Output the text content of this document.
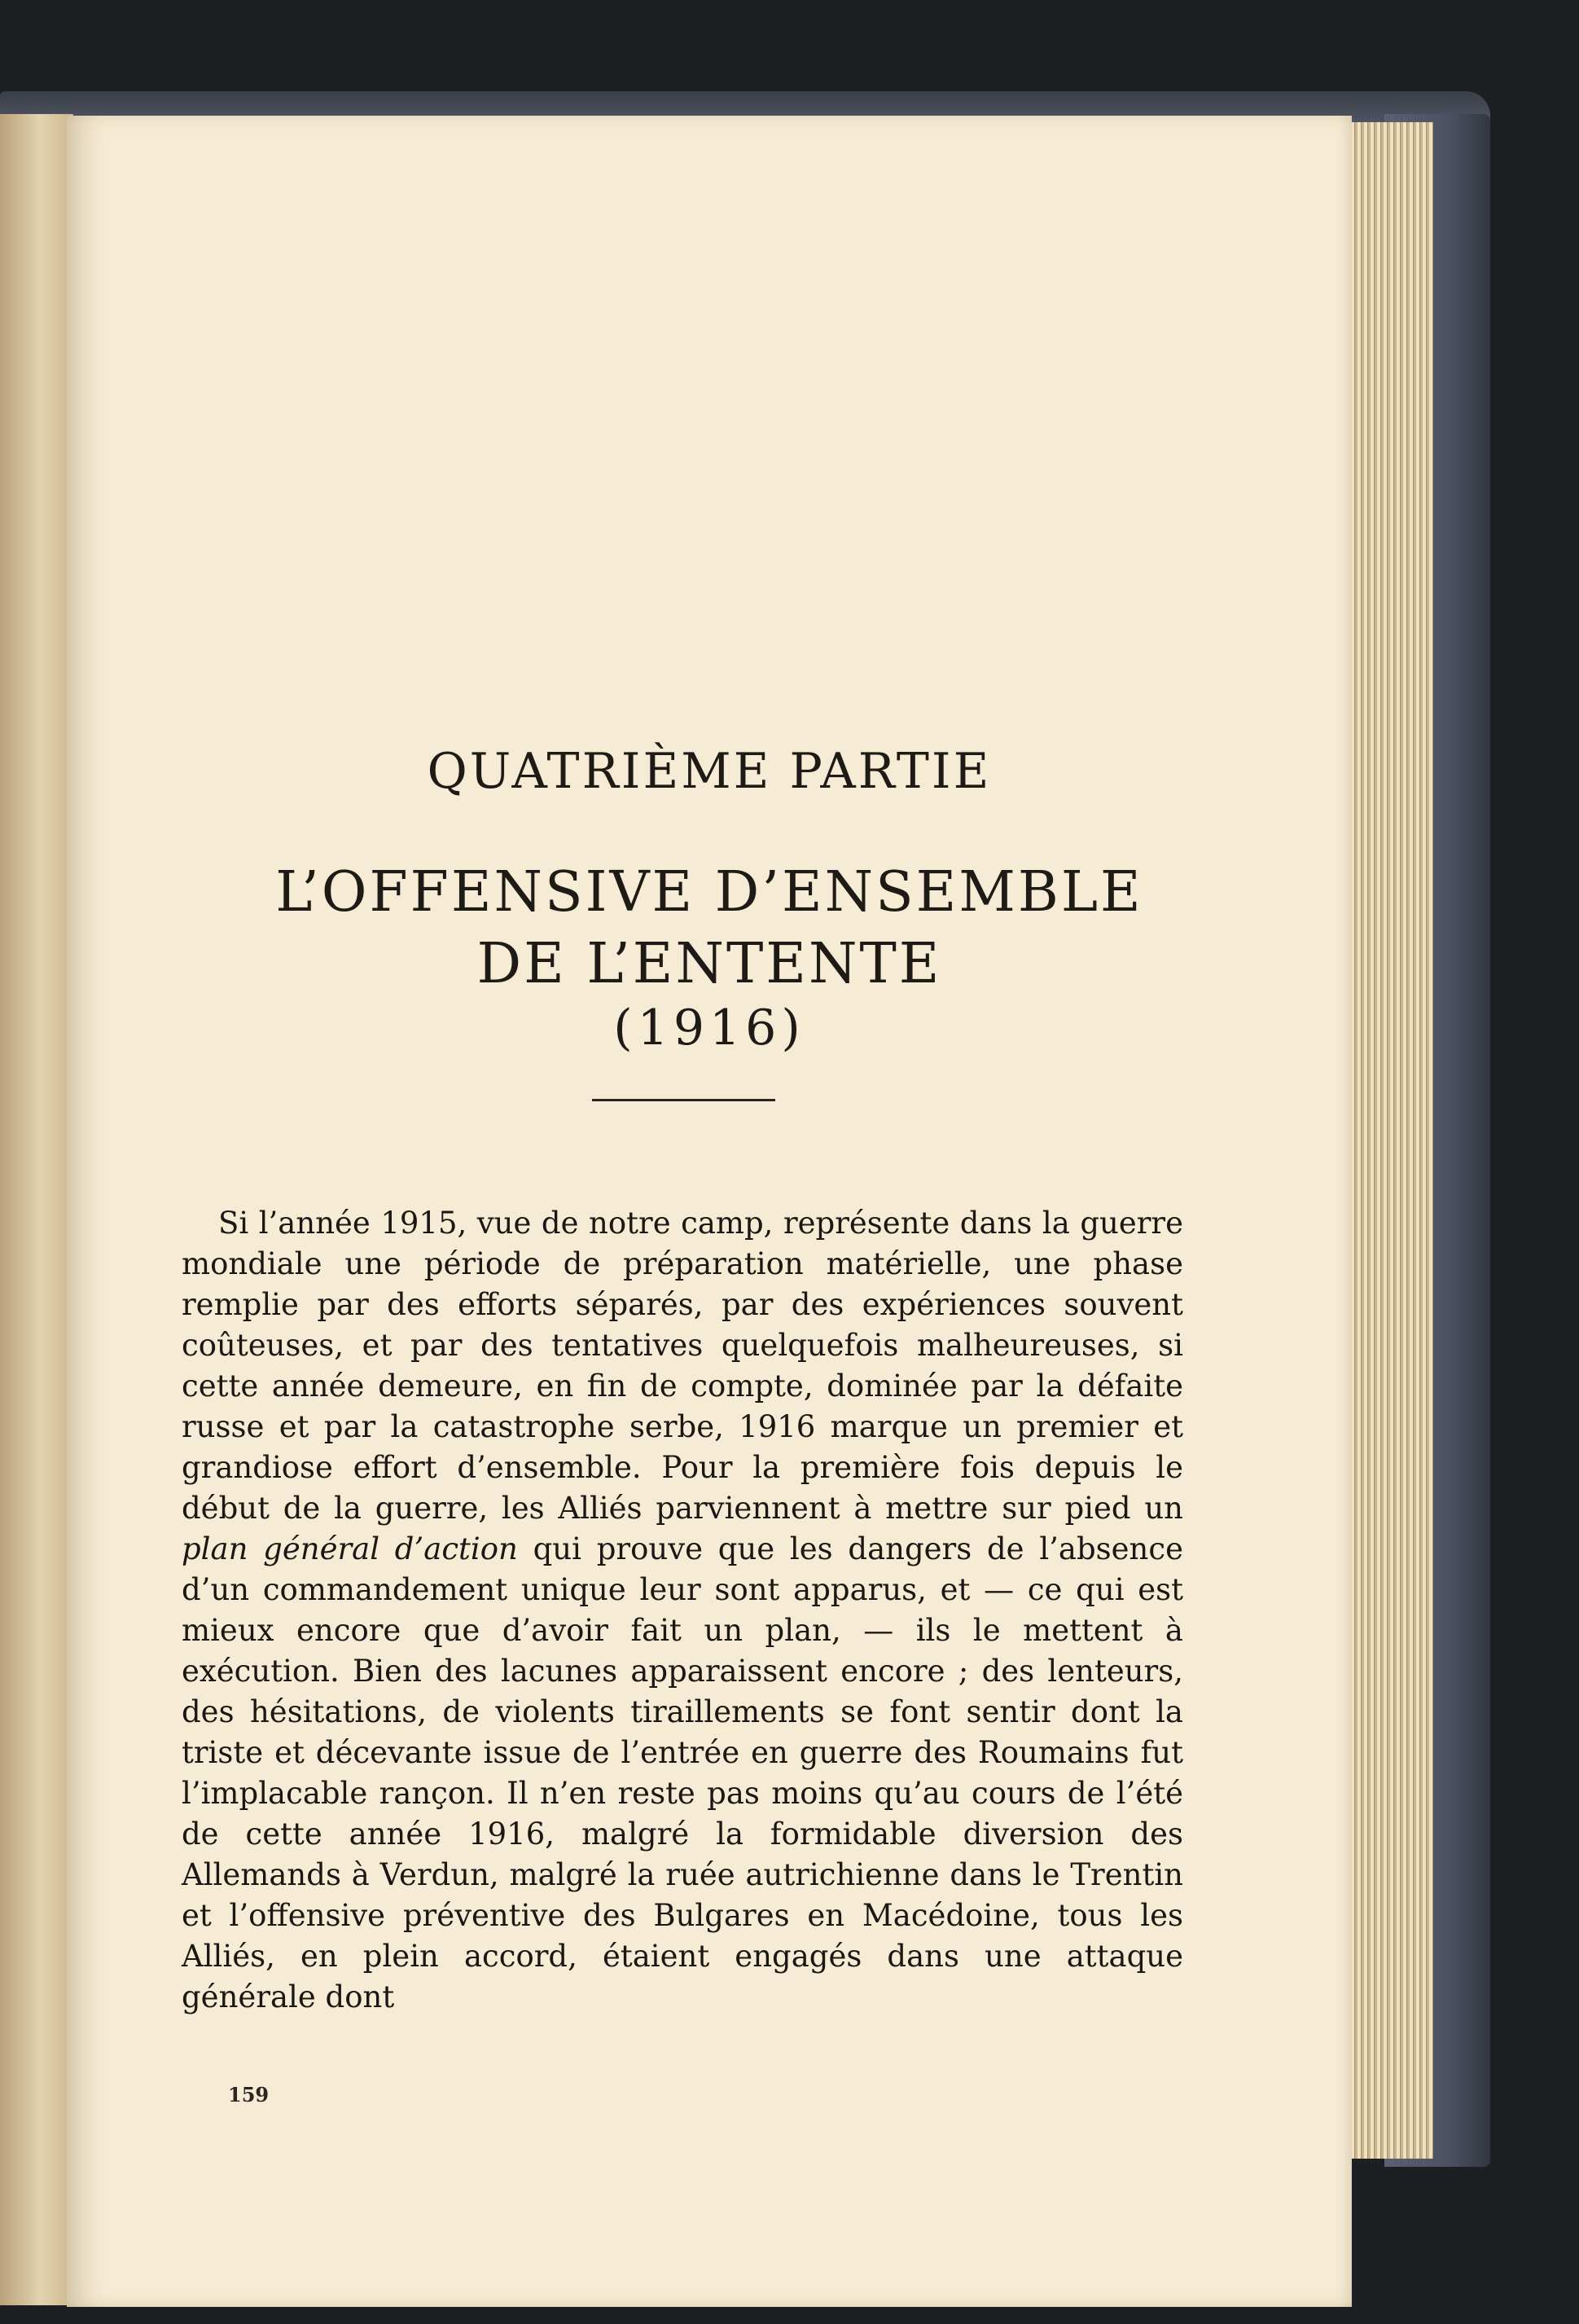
QUATRIÈME PARTIE
L’OFFENSIVE D’ENSEMBLE
DE L’ENTENTE
(1916)

Si l’année 1915, vue de notre camp, représente dans la guerre mondiale une période de préparation matérielle, une phase remplie par des efforts séparés, par des expériences souvent coûteuses, et par des tentatives quelquefois malheureuses, si cette année demeure, en fin de compte, dominée par la défaite russe et par la catastrophe serbe, 1916 marque un premier et grandiose effort d’ensemble. Pour la première fois depuis le début de la guerre, les Alliés parviennent à mettre sur pied un plan général d’action qui prouve que les dangers de l’absence d’un commandement unique leur sont apparus, et — ce qui est mieux encore que d’avoir fait un plan, — ils le mettent à exécution. Bien des lacunes apparaissent encore ; des lenteurs, des hésitations, de violents tiraillements se font sentir dont la triste et décevante issue de l’entrée en guerre des Roumains fut l’implacable rançon. Il n’en reste pas moins qu’au cours de l’été de cette année 1916, malgré la formidable diversion des Allemands à Verdun, malgré la ruée autrichienne dans le Trentin et l’offensive préventive des Bulgares en Macédoine, tous les Alliés, en plein accord, étaient engagés dans une attaque générale dont

159
